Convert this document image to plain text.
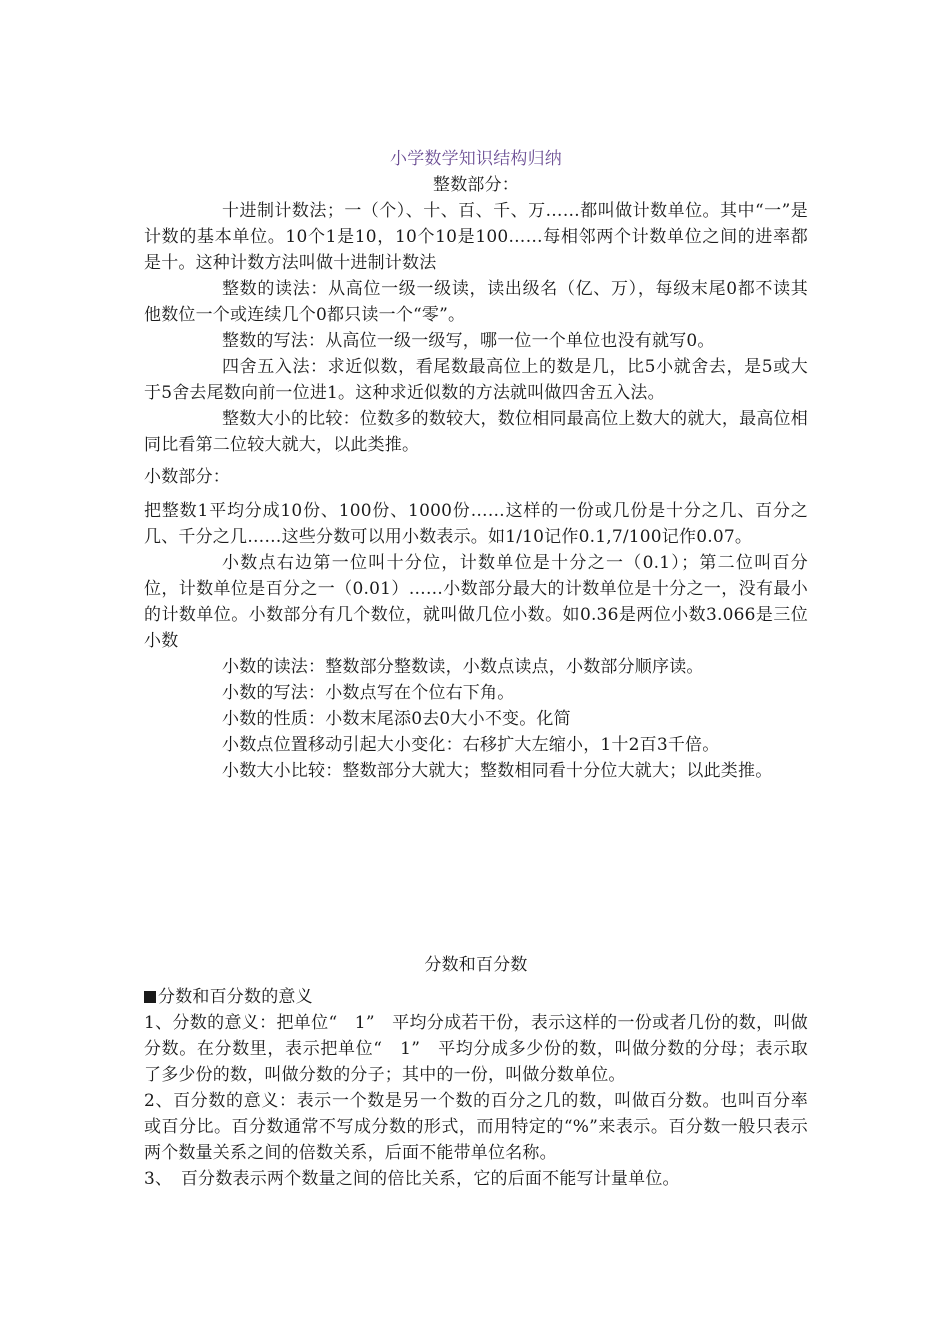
小学数学知识结构归纳
整数部分：

十进制计数法；一（个）、十、百、千、万……都叫做计数单位。其中“一”是计数的基本单位。10个1是10，10个10是100……每相邻两个计数单位之间的进率都是十。这种计数方法叫做十进制计数法

整数的读法：从高位一级一级读，读出级名（亿、万），每级末尾0都不读其他数位一个或连续几个0都只读一个“零”。

整数的写法：从高位一级一级写，哪一位一个单位也没有就写0。

四舍五入法：求近似数，看尾数最高位上的数是几，比5小就舍去，是5或大于5舍去尾数向前一位进1。这种求近似数的方法就叫做四舍五入法。

整数大小的比较：位数多的数较大，数位相同最高位上数大的就大，最高位相同比看第二位较大就大，以此类推。

小数部分：

把整数1平均分成10份、100份、1000份……这样的一份或几份是十分之几、百分之几、千分之几……这些分数可以用小数表示。如1/10记作0.1,7/100记作0.07。

小数点右边第一位叫十分位，计数单位是十分之一（0.1）；第二位叫百分位，计数单位是百分之一（0.01）……小数部分最大的计数单位是十分之一，没有最小的计数单位。小数部分有几个数位，就叫做几位小数。如0.36是两位小数3.066是三位小数

小数的读法：整数部分整数读，小数点读点，小数部分顺序读。

小数的写法：小数点写在个位右下角。

小数的性质：小数末尾添0去0大小不变。化简

小数点位置移动引起大小变化：右移扩大左缩小，1十2百3千倍。

小数大小比较：整数部分大就大；整数相同看十分位大就大；以此类推。

分数和百分数

分数和百分数的意义

1、分数的意义：把单位“　1”　平均分成若干份，表示这样的一份或者几份的数，叫做分数。在分数里，表示把单位“　1”　平均分成多少份的数，叫做分数的分母；表示取了多少份的数，叫做分数的分子；其中的一份，叫做分数单位。

2、百分数的意义：表示一个数是另一个数的百分之几的数，叫做百分数。也叫百分率或百分比。百分数通常不写成分数的形式，而用特定的“%”来表示。百分数一般只表示两个数量关系之间的倍数关系，后面不能带单位名称。

3、　百分数表示两个数量之间的倍比关系，它的后面不能写计量单位。
